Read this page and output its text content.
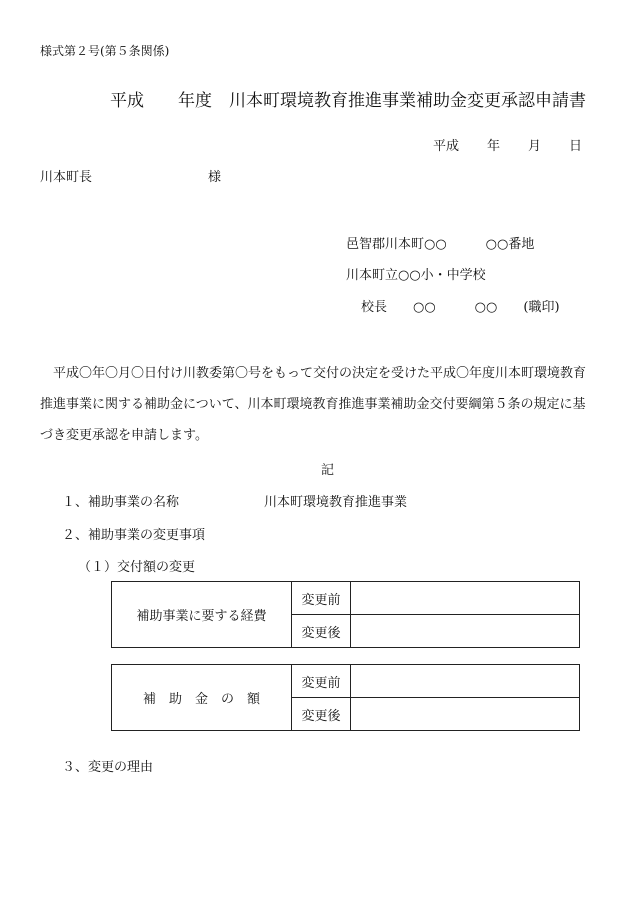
様式第２号(第５条関係)
平成　　年度　川本町環境教育推進事業補助金変更承認申請書
平成 年 月 日
川本町長	様
邑智郡川本町○○　　　○○番地
川本町立○○小・中学校
校長　　○○　　　○○　　(職印)
平成〇年〇月〇日付け川教委第〇号をもって交付の決定を受けた平成〇年度川本町環境教育推進事業に関する補助金について、川本町環境教育推進事業補助金交付要綱第５条の規定に基づき変更承認を申請します。
記
１、補助事業の名称	川本町環境教育推進事業
２、補助事業の変更事項
（１）交付額の変更
補助事業に要する経費	変更前	
	変更後	
補　助　金　の　額	変更前	
	変更後	
３、変更の理由
